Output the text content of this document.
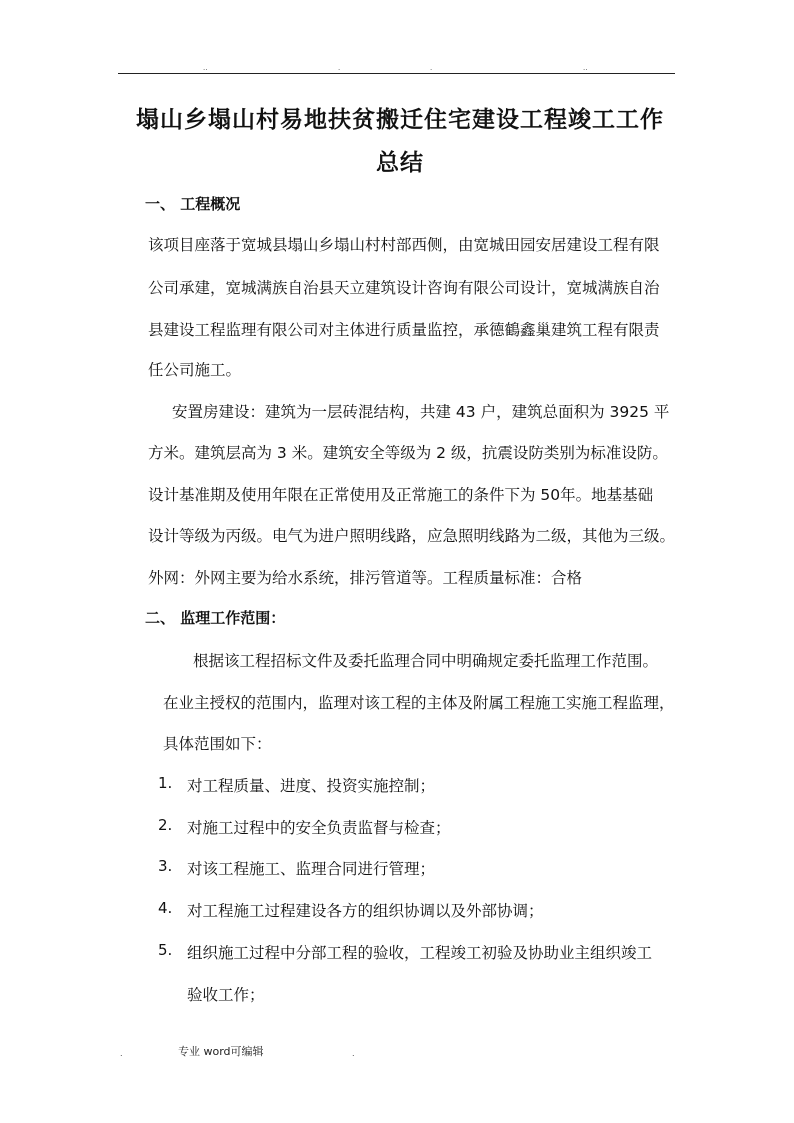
..	.	.	..
塌山乡塌山村易地扶贫搬迁住宅建设工程竣工工作
总结
一、 工程概况
该项目座落于宽城县塌山乡塌山村村部西侧，由宽城田园安居建设工程有限
公司承建，宽城满族自治县天立建筑设计咨询有限公司设计，宽城满族自治
县建设工程监理有限公司对主体进行质量监控，承德鶴鑫巢建筑工程有限责
任公司施工。
安置房建设：建筑为一层砖混结构，共建 43 户，建筑总面积为 3925 平
方米。建筑层高为 3 米。建筑安全等级为 2 级，抗震设防类别为标准设防。
设计基准期及使用年限在正常使用及正常施工的条件下为 50年。地基基础
设计等级为丙级。电气为进户照明线路，应急照明线路为二级，其他为三级。
外网：外网主要为给水系统，排污管道等。工程质量标准：合格
二、 监理工作范围：
根据该工程招标文件及委托监理合同中明确规定委托监理工作范围。
在业主授权的范围内，监理对该工程的主体及附属工程施工实施工程监理，
具体范围如下：
1. 对工程质量、进度、投资实施控制；
2. 对施工过程中的安全负责监督与检查；
3. 对该工程施工、监理合同进行管理；
4. 对工程施工过程建设各方的组织协调以及外部协调；
5. 组织施工过程中分部工程的验收，工程竣工初验及协助业主组织竣工
验收工作；
.	专业 word可编辑	.
